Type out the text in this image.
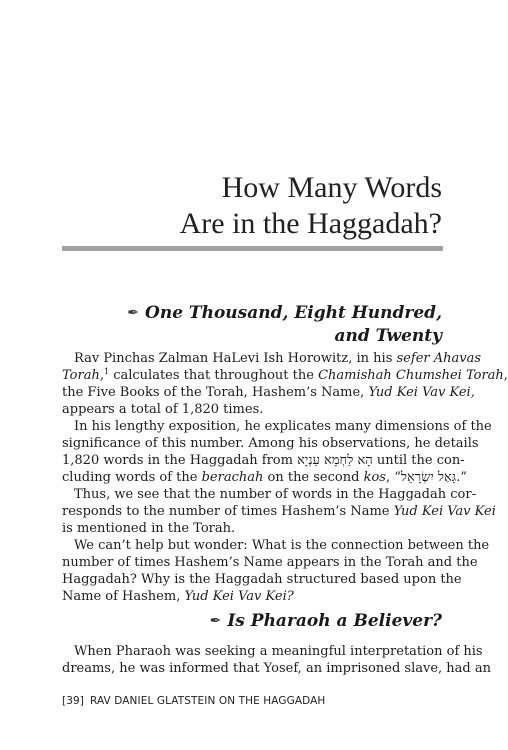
How Many Words
Are in the Haggadah?
✒ One Thousand, Eight Hundred,
and Twenty
Rav Pinchas Zalman HaLevi Ish Horowitz, in his sefer Ahavas
Torah,$^1$ calculates that throughout the Chamishah Chumshei Torah,
the Five Books of the Torah, Hashem’s Name, Yud Kei Vav Kei,
appears a total of 1,820 times.
In his lengthy exposition, he explicates many dimensions of the
significance of this number. Among his observations, he details
1,820 words in the Haggadah from הָא לַחְמָא עַנְיָא until the con-
cluding words of the berachah on the second kos, “גָּאַל יִשְׂרָאֵל.”
Thus, we see that the number of words in the Haggadah cor-
responds to the number of times Hashem’s Name Yud Kei Vav Kei
is mentioned in the Torah.
We can’t help but wonder: What is the connection between the
number of times Hashem’s Name appears in the Torah and the
Haggadah? Why is the Haggadah structured based upon the
Name of Hashem, Yud Kei Vav Kei?
✒ Is Pharaoh a Believer?
When Pharaoh was seeking a meaningful interpretation of his
dreams, he was informed that Yosef, an imprisoned slave, had an
[39] RAV DANIEL GLATSTEIN ON THE HAGGADAH
